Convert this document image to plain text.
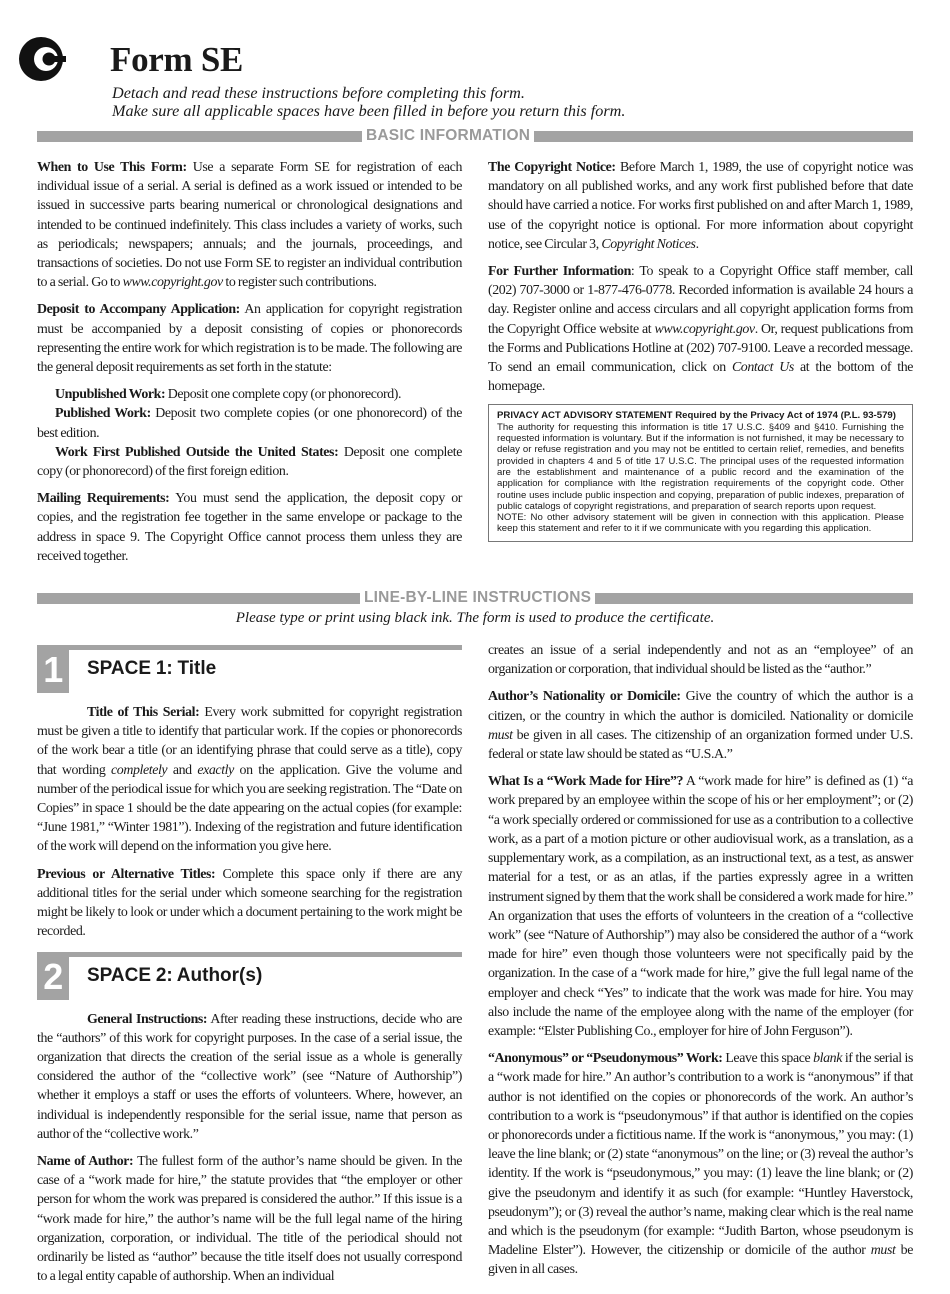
Form SE
Detach and read these instructions before completing this form.
Make sure all applicable spaces have been filled in before you return this form.
BASIC INFORMATION

When to Use This Form: Use a separate Form SE for registration of each individual issue of a serial. A serial is defined as a work issued or intended to be issued in successive parts bearing numerical or chronological designations and intended to be continued indefinitely. This class includes a variety of works, such as periodicals; newspapers; annuals; and the journals, proceedings, and transactions of societies. Do not use Form SE to register an individual contribution to a serial. Go to www.copyright.gov to register such contributions.

Deposit to Accompany Application: An application for copyright registration must be accompanied by a deposit consisting of copies or phonorecords representing the entire work for which registration is to be made. The following are the general deposit requirements as set forth in the statute:

Unpublished Work: Deposit one complete copy (or phonorecord).

Published Work: Deposit two complete copies (or one phonorecord) of the best edition.

Work First Published Outside the United States: Deposit one complete copy (or phonorecord) of the first foreign edition.

Mailing Requirements: You must send the application, the deposit copy or copies, and the registration fee together in the same envelope or package to the address in space 9. The Copyright Office cannot process them unless they are received together.

The Copyright Notice: Before March 1, 1989, the use of copyright notice was mandatory on all published works, and any work first published before that date should have carried a notice. For works first published on and after March 1, 1989, use of the copyright notice is optional. For more information about copyright notice, see Circular 3, Copyright Notices.

For Further Information: To speak to a Copyright Office staff member, call (202) 707-3000 or 1-877-476-0778. Recorded information is available 24 hours a day. Register online and access circulars and all copyright application forms from the Copyright Office website at www.copyright.gov. Or, request publications from the Forms and Publications Hotline at (202) 707-9100. Leave a recorded message. To send an email communication, click on Contact Us at the bottom of the homepage.

PRIVACY ACT ADVISORY STATEMENT Required by the Privacy Act of 1974 (P.L. 93-579)
The authority for requesting this information is title 17 U.S.C. §409 and §410. Furnishing the requested information is voluntary. But if the information is not furnished, it may be necessary to delay or refuse registration and you may not be entitled to certain relief, remedies, and benefits provided in chapters 4 and 5 of title 17 U.S.C. The principal uses of the requested information are the establishment and maintenance of a public record and the examination of the application for compliance with lthe registration requirements of the copyright code. Other routine uses include public inspection and copying, preparation of public indexes, preparation of public catalogs of copyright registrations, and preparation of search reports upon request.
NOTE: No other advisory statement will be given in connection with this application. Please keep this statement and refer to it if we communicate with you regarding this application.
LINE-BY-LINE INSTRUCTIONS
Please type or print using black ink. The form is used to produce the certificate.
1	SPACE 1: Title

Title of This Serial: Every work submitted for copyright registration must be given a title to identify that particular work. If the copies or phonorecords of the work bear a title (or an identifying phrase that could serve as a title), copy that wording completely and exactly on the application. Give the volume and number of the periodical issue for which you are seeking registration. The “Date on Copies” in space 1 should be the date appearing on the actual copies (for example: “June 1981,” “Winter 1981”). Indexing of the registration and future identification of the work will depend on the information you give here.

Previous or Alternative Titles: Complete this space only if there are any additional titles for the serial under which someone searching for the registration might be likely to look or under which a document pertaining to the work might be recorded.

2	SPACE 2: Author(s)

General Instructions: After reading these instructions, decide who are the “authors” of this work for copyright purposes. In the case of a serial issue, the organization that directs the creation of the serial issue as a whole is generally considered the author of the “collective work” (see “Nature of Authorship”) whether it employs a staff or uses the efforts of volunteers. Where, however, an individual is independently responsible for the serial issue, name that person as author of the “collective work.”

Name of Author: The fullest form of the author’s name should be given. In the case of a “work made for hire,” the statute provides that “the employer or other person for whom the work was prepared is considered the author.” If this issue is a “work made for hire,” the author’s name will be the full legal name of the hiring organization, corporation, or individual. The title of the periodical should not ordinarily be listed as “author” because the title itself does not usually correspond to a legal entity capable of authorship. When an individual

creates an issue of a serial independently and not as an “employee” of an organization or corporation, that individual should be listed as the “author.”

Author’s Nationality or Domicile: Give the country of which the author is a citizen, or the country in which the author is domiciled. Nationality or domicile must be given in all cases. The citizenship of an organization formed under U.S. federal or state law should be stated as “U.S.A.”

What Is a “Work Made for Hire”? A “work made for hire” is defined as (1) “a work prepared by an employee within the scope of his or her employment”; or (2) “a work specially ordered or commissioned for use as a contribution to a collective work, as a part of a motion picture or other audiovisual work, as a translation, as a supplementary work, as a compilation, as an instructional text, as a test, as answer material for a test, or as an atlas, if the parties expressly agree in a written instrument signed by them that the work shall be considered a work made for hire.” An organization that uses the efforts of volunteers in the creation of a “collective work” (see “Nature of Authorship”) may also be considered the author of a “work made for hire” even though those volunteers were not specifically paid by the organization. In the case of a “work made for hire,” give the full legal name of the employer and check “Yes” to indicate that the work was made for hire. You may also include the name of the employee along with the name of the employer (for example: “Elster Publishing Co., employer for hire of John Ferguson”).

“Anonymous” or “Pseudonymous” Work: Leave this space blank if the serial is a “work made for hire.” An author’s contribution to a work is “anonymous” if that author is not identified on the copies or phonorecords of the work. An author’s contribution to a work is “pseudonymous” if that author is identified on the copies or phonorecords under a fictitious name. If the work is “anonymous,” you may: (1) leave the line blank; or (2) state “anonymous” on the line; or (3) reveal the author’s identity. If the work is “pseudonymous,” you may: (1) leave the line blank; or (2) give the pseudonym and identify it as such (for example: “Huntley Haverstock, pseudonym”); or (3) reveal the author’s name, making clear which is the real name and which is the pseudonym (for example: “Judith Barton, whose pseudonym is Madeline Elster”). However, the citizenship or domicile of the author must be given in all cases.
